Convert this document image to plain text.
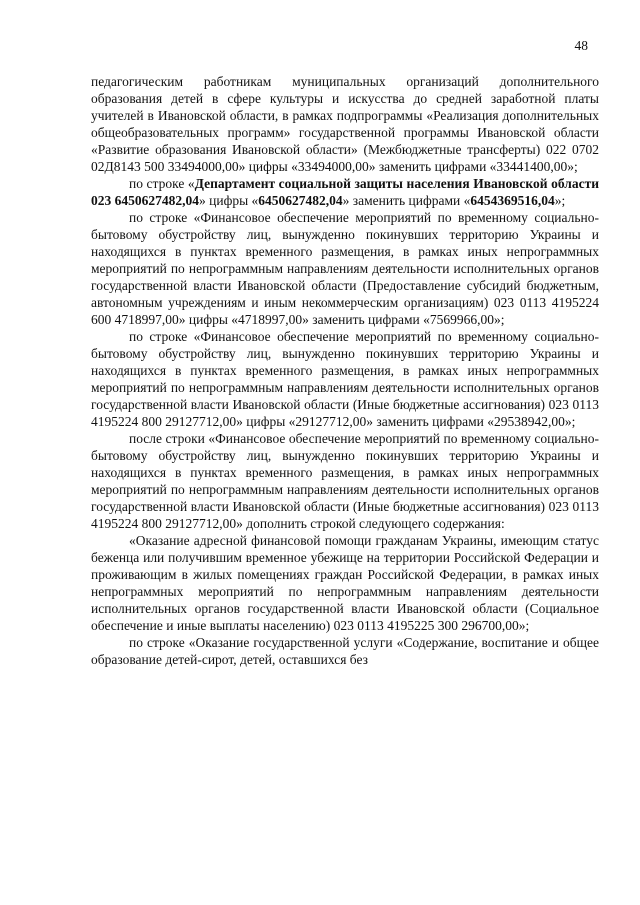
48

педагогическим работникам муниципальных организаций дополнительного образования детей в сфере культуры и искусства до средней заработной платы учителей в Ивановской области, в рамках подпрограммы «Реализация дополнительных общеобразовательных программ» государственной программы Ивановской области «Развитие образования Ивановской области» (Межбюджетные трансферты) 022 0702 02Д8143 500 33494000,00» цифры «33494000,00» заменить цифрами «33441400,00»;

по строке «Департамент социальной защиты населения Ивановской области 023 6450627482,04» цифры «6450627482,04» заменить цифрами «6454369516,04»;

по строке «Финансовое обеспечение мероприятий по временному социально-бытовому обустройству лиц, вынужденно покинувших территорию Украины и находящихся в пунктах временного размещения, в рамках иных непрограммных мероприятий по непрограммным направлениям деятельности исполнительных органов государственной власти Ивановской области (Предоставление субсидий бюджетным, автономным учреждениям и иным некоммерческим организациям) 023 0113 4195224 600 4718997,00» цифры «4718997,00» заменить цифрами «7569966,00»;

по строке «Финансовое обеспечение мероприятий по временному социально-бытовому обустройству лиц, вынужденно покинувших территорию Украины и находящихся в пунктах временного размещения, в рамках иных непрограммных мероприятий по непрограммным направлениям деятельности исполнительных органов государственной власти Ивановской области (Иные бюджетные ассигнования) 023 0113 4195224 800 29127712,00» цифры «29127712,00» заменить цифрами «29538942,00»;

после строки «Финансовое обеспечение мероприятий по временному социально-бытовому обустройству лиц, вынужденно покинувших территорию Украины и находящихся в пунктах временного размещения, в рамках иных непрограммных мероприятий по непрограммным направлениям деятельности исполнительных органов государственной власти Ивановской области (Иные бюджетные ассигнования) 023 0113 4195224 800 29127712,00» дополнить строкой следующего содержания:

«Оказание адресной финансовой помощи гражданам Украины, имеющим статус беженца или получившим временное убежище на территории Российской Федерации и проживающим в жилых помещениях граждан Российской Федерации, в рамках иных непрограммных мероприятий по непрограммным направлениям деятельности исполнительных органов государственной власти Ивановской области (Социальное обеспечение и иные выплаты населению) 023 0113 4195225 300 296700,00»;

по строке «Оказание государственной услуги «Содержание, воспитание и общее образование детей-сирот, детей, оставшихся без
